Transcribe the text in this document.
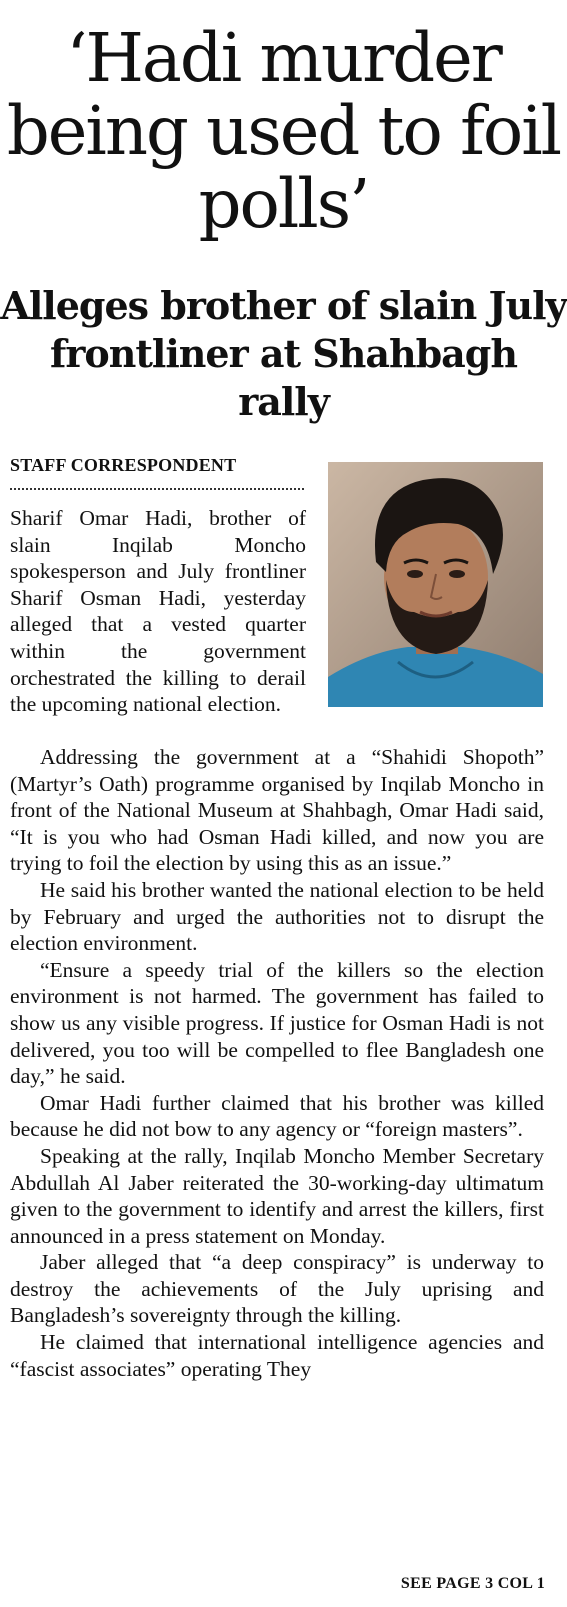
‘Hadi murder being used to foil polls’
Alleges brother of slain July frontliner at Shahbagh rally
STAFF CORRESPONDENT

Sharif Omar Hadi, brother of slain Inqilab Moncho spokesperson and July frontliner Sharif Osman Hadi, yesterday alleged that a vested quarter within the government orchestrated the killing to derail the upcoming national election.

Addressing the government at a “Shahidi Shopoth” (Martyr’s Oath) programme organised by Inqilab Moncho in front of the National Museum at Shahbagh, Omar Hadi said, “It is you who had Osman Hadi killed, and now you are trying to foil the election by using this as an issue.”

He said his brother wanted the national election to be held by February and urged the authorities not to disrupt the election environment.

“Ensure a speedy trial of the killers so the election environment is not harmed. The government has failed to show us any visible progress. If justice for Osman Hadi is not delivered, you too will be compelled to flee Bangladesh one day,” he said.

Omar Hadi further claimed that his brother was killed because he did not bow to any agency or “foreign masters”.

Speaking at the rally, Inqilab Moncho Member Secretary Abdullah Al Jaber reiterated the 30-working-day ultimatum given to the government to identify and arrest the killers, first announced in a press statement on Monday.

Jaber alleged that “a deep conspiracy” is underway to destroy the achievements of the July uprising and Bangladesh’s sovereignty through the killing.

He claimed that international intelligence agencies and “fascist associates” operating They

SEE PAGE 3 COL 1
